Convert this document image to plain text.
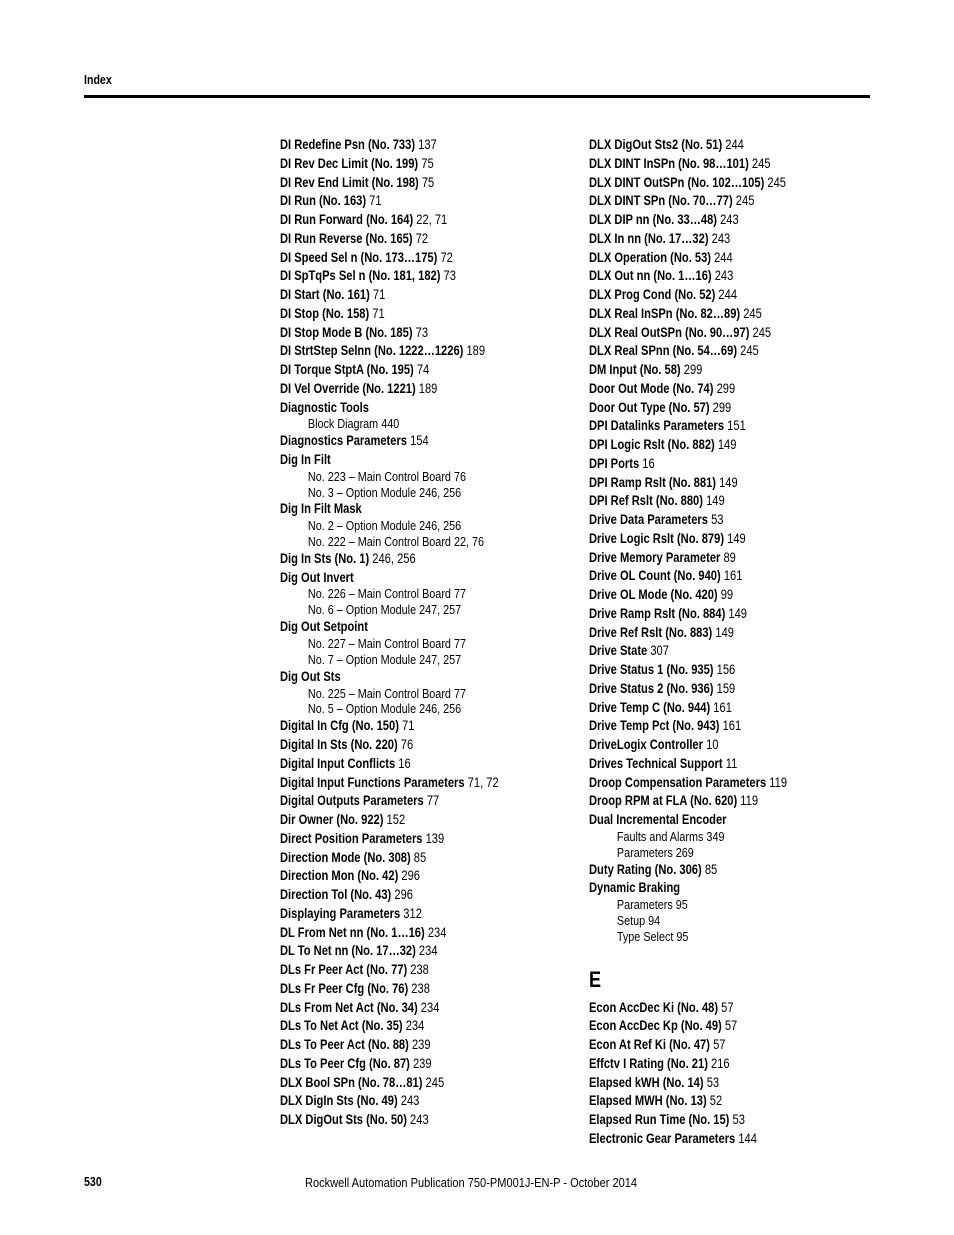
Index
DI Redefine Psn (No. 733) 137
DI Rev Dec Limit (No. 199) 75
DI Rev End Limit (No. 198) 75
DI Run (No. 163) 71
DI Run Forward (No. 164) 22, 71
DI Run Reverse (No. 165) 72
DI Speed Sel n (No. 173…175) 72
DI SpTqPs Sel n (No. 181, 182) 73
DI Start (No. 161) 71
DI Stop (No. 158) 71
DI Stop Mode B (No. 185) 73
DI StrtStep Selnn (No. 1222…1226) 189
DI Torque StptA (No. 195) 74
DI Vel Override (No. 1221) 189
Diagnostic Tools
Block Diagram 440
Diagnostics Parameters 154
Dig In Filt
No. 223 – Main Control Board 76
No. 3 – Option Module 246, 256
Dig In Filt Mask
No. 2 – Option Module 246, 256
No. 222 – Main Control Board 22, 76
Dig In Sts (No. 1) 246, 256
Dig Out Invert
No. 226 – Main Control Board 77
No. 6 – Option Module 247, 257
Dig Out Setpoint
No. 227 – Main Control Board 77
No. 7 – Option Module 247, 257
Dig Out Sts
No. 225 – Main Control Board 77
No. 5 – Option Module 246, 256
Digital In Cfg (No. 150) 71
Digital In Sts (No. 220) 76
Digital Input Conflicts 16
Digital Input Functions Parameters 71, 72
Digital Outputs Parameters 77
Dir Owner (No. 922) 152
Direct Position Parameters 139
Direction Mode (No. 308) 85
Direction Mon (No. 42) 296
Direction Tol (No. 43) 296
Displaying Parameters 312
DL From Net nn (No. 1…16) 234
DL To Net nn (No. 17…32) 234
DLs Fr Peer Act (No. 77) 238
DLs Fr Peer Cfg (No. 76) 238
DLs From Net Act (No. 34) 234
DLs To Net Act (No. 35) 234
DLs To Peer Act (No. 88) 239
DLs To Peer Cfg (No. 87) 239
DLX Bool SPn (No. 78…81) 245
DLX DigIn Sts (No. 49) 243
DLX DigOut Sts (No. 50) 243
DLX DigOut Sts2 (No. 51) 244
DLX DINT InSPn (No. 98…101) 245
DLX DINT OutSPn (No. 102…105) 245
DLX DINT SPn (No. 70…77) 245
DLX DIP nn (No. 33…48) 243
DLX In nn (No. 17…32) 243
DLX Operation (No. 53) 244
DLX Out nn (No. 1…16) 243
DLX Prog Cond (No. 52) 244
DLX Real InSPn (No. 82…89) 245
DLX Real OutSPn (No. 90…97) 245
DLX Real SPnn (No. 54…69) 245
DM Input (No. 58) 299
Door Out Mode (No. 74) 299
Door Out Type (No. 57) 299
DPI Datalinks Parameters 151
DPI Logic Rslt (No. 882) 149
DPI Ports 16
DPI Ramp Rslt (No. 881) 149
DPI Ref Rslt (No. 880) 149
Drive Data Parameters 53
Drive Logic Rslt (No. 879) 149
Drive Memory Parameter 89
Drive OL Count (No. 940) 161
Drive OL Mode (No. 420) 99
Drive Ramp Rslt (No. 884) 149
Drive Ref Rslt (No. 883) 149
Drive State 307
Drive Status 1 (No. 935) 156
Drive Status 2 (No. 936) 159
Drive Temp C (No. 944) 161
Drive Temp Pct (No. 943) 161
DriveLogix Controller 10
Drives Technical Support 11
Droop Compensation Parameters 119
Droop RPM at FLA (No. 620) 119
Dual Incremental Encoder
Faults and Alarms 349
Parameters 269
Duty Rating (No. 306) 85
Dynamic Braking
Parameters 95
Setup 94
Type Select 95
E
Econ AccDec Ki (No. 48) 57
Econ AccDec Kp (No. 49) 57
Econ At Ref Ki (No. 47) 57
Effctv I Rating (No. 21) 216
Elapsed kWH (No. 14) 53
Elapsed MWH (No. 13) 52
Elapsed Run Time (No. 15) 53
Electronic Gear Parameters 144
530	Rockwell Automation Publication 750-PM001J-EN-P - October 2014
